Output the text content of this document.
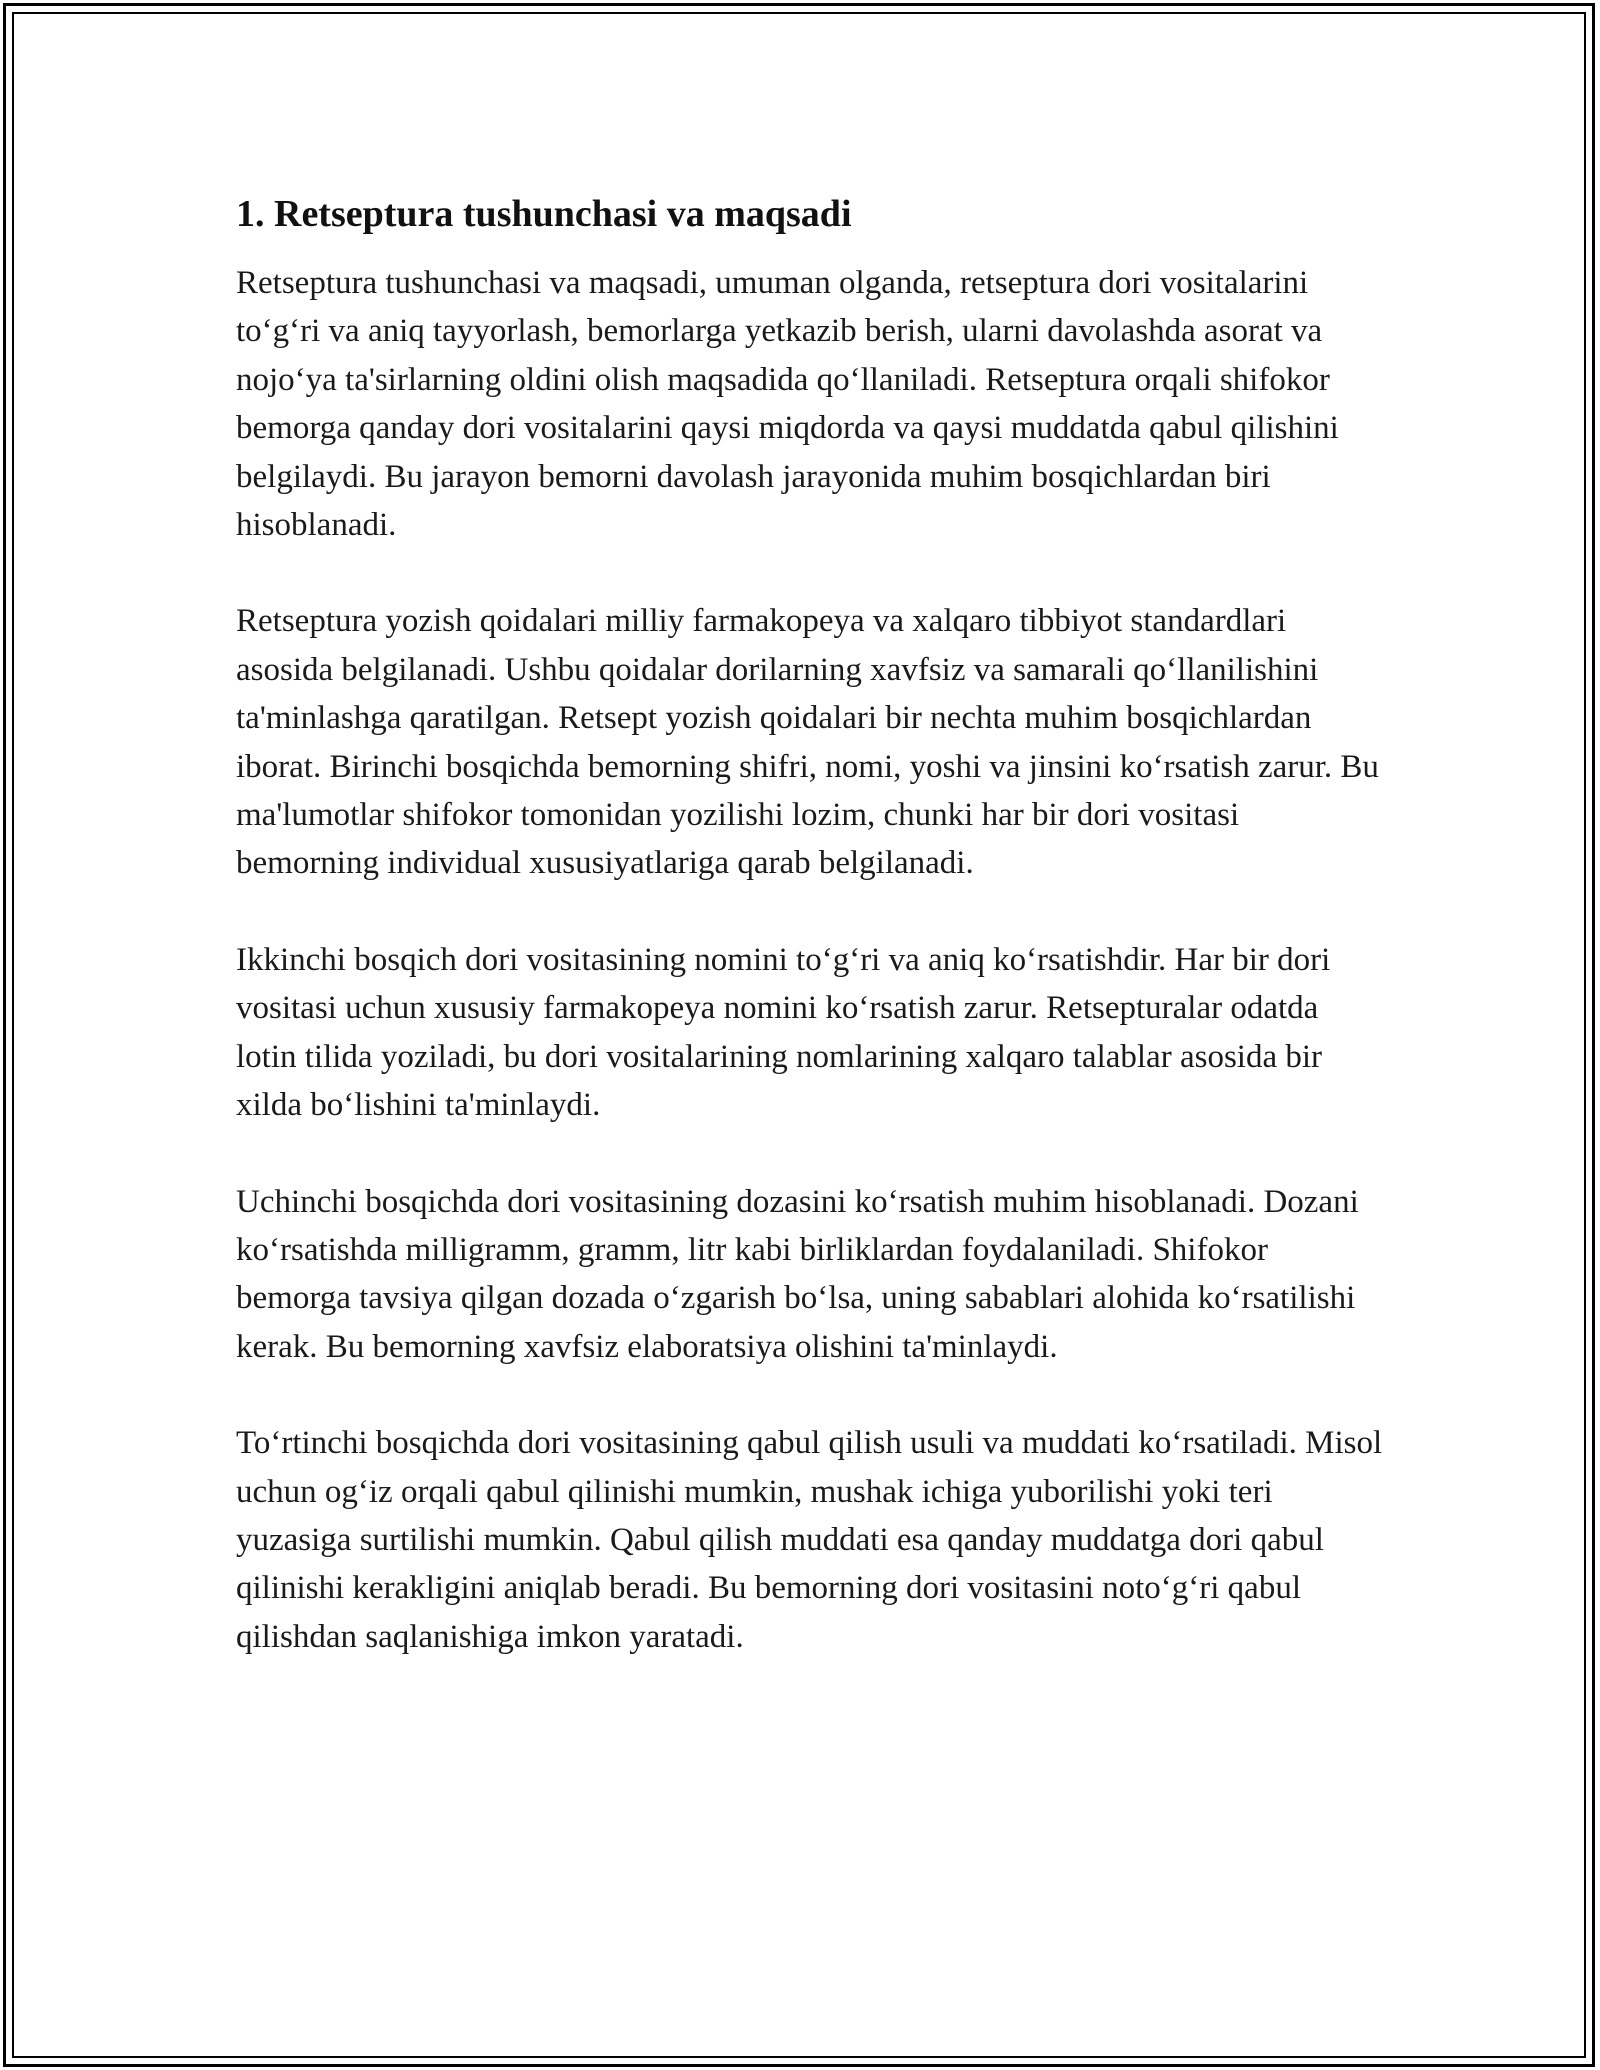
1. Retseptura tushunchasi va maqsadi

Retseptura tushunchasi va maqsadi, umuman olganda, retseptura dori vositalarini to‘g‘ri va aniq tayyorlash, bemorlarga yetkazib berish, ularni davolashda asorat va nojo‘ya ta'sirlarning oldini olish maqsadida qo‘llaniladi. Retseptura orqali shifokor bemorga qanday dori vositalarini qaysi miqdorda va qaysi muddatda qabul qilishini belgilaydi. Bu jarayon bemorni davolash jarayonida muhim bosqichlardan biri hisoblanadi.

Retseptura yozish qoidalari milliy farmakopeya va xalqaro tibbiyot standardlari asosida belgilanadi. Ushbu qoidalar dorilarning xavfsiz va samarali qo‘llanilishini ta'minlashga qaratilgan. Retsept yozish qoidalari bir nechta muhim bosqichlardan iborat. Birinchi bosqichda bemorning shifri, nomi, yoshi va jinsini ko‘rsatish zarur. Bu ma'lumotlar shifokor tomonidan yozilishi lozim, chunki har bir dori vositasi bemorning individual xususiyatlariga qarab belgilanadi.

Ikkinchi bosqich dori vositasining nomini to‘g‘ri va aniq ko‘rsatishdir. Har bir dori vositasi uchun xususiy farmakopeya nomini ko‘rsatish zarur. Retsepturalar odatda lotin tilida yoziladi, bu dori vositalarining nomlarining xalqaro talablar asosida bir xilda bo‘lishini ta'minlaydi.

Uchinchi bosqichda dori vositasining dozasini ko‘rsatish muhim hisoblanadi. Dozani ko‘rsatishda milligramm, gramm, litr kabi birliklardan foydalaniladi. Shifokor bemorga tavsiya qilgan dozada o‘zgarish bo‘lsa, uning sabablari alohida ko‘rsatilishi kerak. Bu bemorning xavfsiz elaboratsiya olishini ta'minlaydi.

To‘rtinchi bosqichda dori vositasining qabul qilish usuli va muddati ko‘rsatiladi. Misol uchun og‘iz orqali qabul qilinishi mumkin, mushak ichiga yuborilishi yoki teri yuzasiga surtilishi mumkin. Qabul qilish muddati esa qanday muddatga dori qabul qilinishi kerakligini aniqlab beradi. Bu bemorning dori vositasini noto‘g‘ri qabul qilishdan saqlanishiga imkon yaratadi.
